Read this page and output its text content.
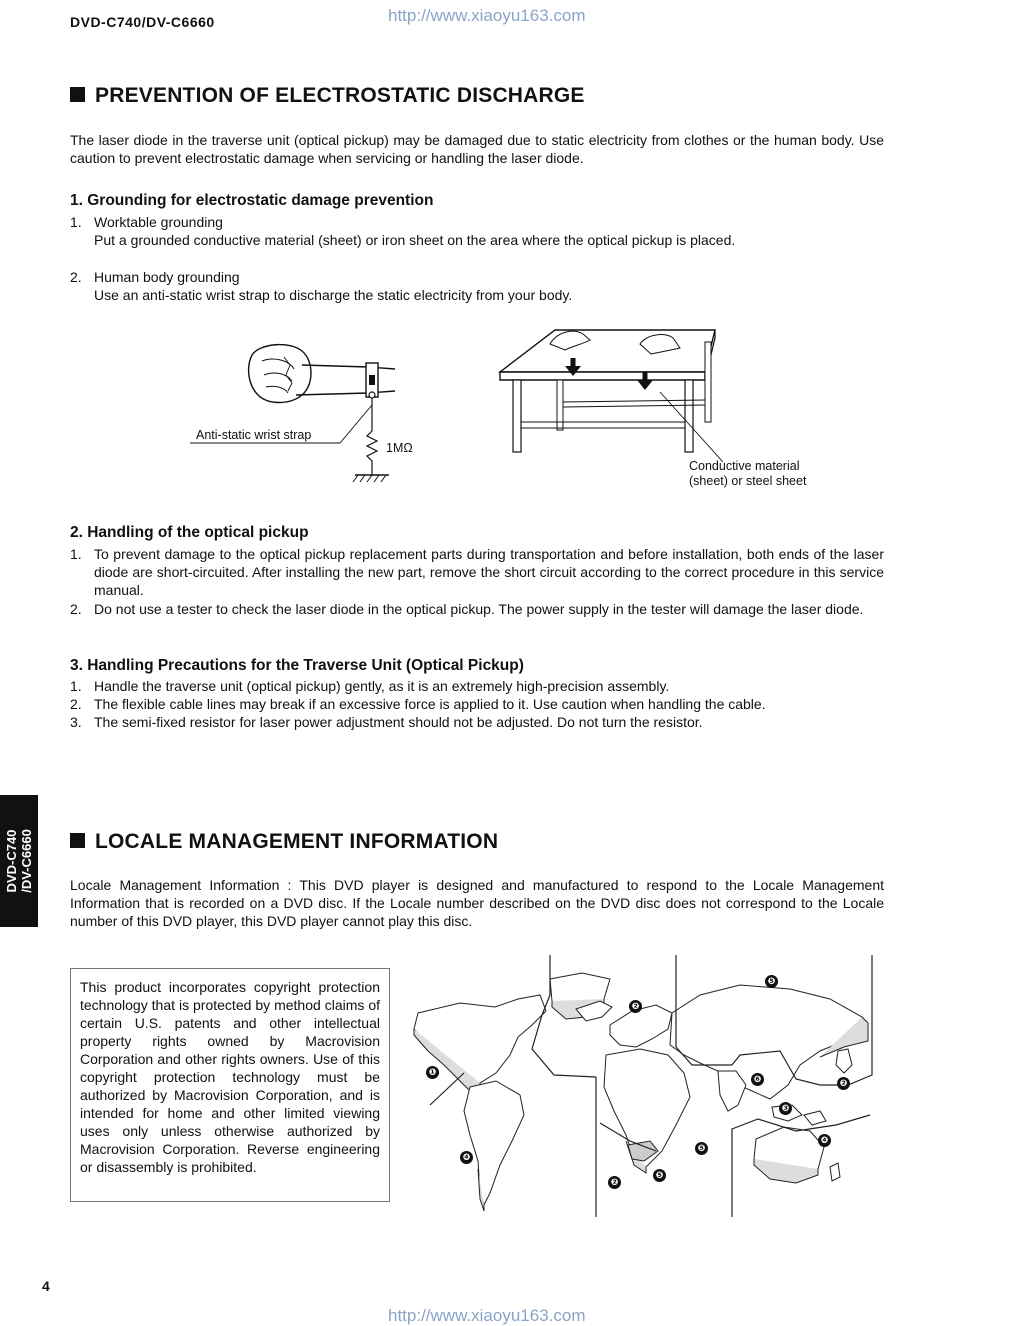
DVD-C740/DV-C6660	http://www.xiaoyu163.com
PREVENTION OF ELECTROSTATIC DISCHARGE
The laser diode in the traverse unit (optical pickup) may be damaged due to static electricity from clothes or the human body. Use caution to prevent electrostatic damage when servicing or handling the laser diode.
1. Grounding for electrostatic damage prevention
1. Worktable grounding
Put a grounded conductive material (sheet) or iron sheet on the area where the optical pickup is placed.
2. Human body grounding
Use an anti-static wrist strap to discharge the static electricity from your body.
Anti-static wrist strap
1MΩ
Conductive material
(sheet) or steel sheet
2. Handling of the optical pickup
1. To prevent damage to the optical pickup replacement parts during transportation and before installation, both ends of the laser diode are short-circuited. After installing the new part, remove the short circuit according to the correct procedure in this service manual.
2. Do not use a tester to check the laser diode in the optical pickup. The power supply in the tester will damage the laser diode.
3. Handling Precautions for the Traverse Unit (Optical Pickup)
1. Handle the traverse unit (optical pickup) gently, as it is an extremely high-precision assembly.
2. The flexible cable lines may break if an excessive force is applied to it. Use caution when handling the cable.
3. The semi-fixed resistor for laser power adjustment should not be adjusted. Do not turn the resistor.
DVD-C740 /DV-C6660	LOCALE MANAGEMENT INFORMATION
Locale Management Information : This DVD player is designed and manufactured to respond to the Locale Management Information that is recorded on a DVD disc. If the Locale number described on the DVD disc does not correspond to the Locale number of this DVD player, this DVD player cannot play this disc.
This product incorporates copyright protection technology that is protected by method claims of certain U.S. patents and other intellectual property rights owned by Macrovision Corporation and other rights owners. Use of this copyright protection technology must be authorized by Macrovision Corporation, and is intended for home and other limited viewing uses only unless otherwise authorized by Macrovision Corporation. Reverse engineering or disassembly is prohibited.
❶
❷
❷
❷
❸
❹
❹
❺
❺
❺
❻
4
http://www.xiaoyu163.com
